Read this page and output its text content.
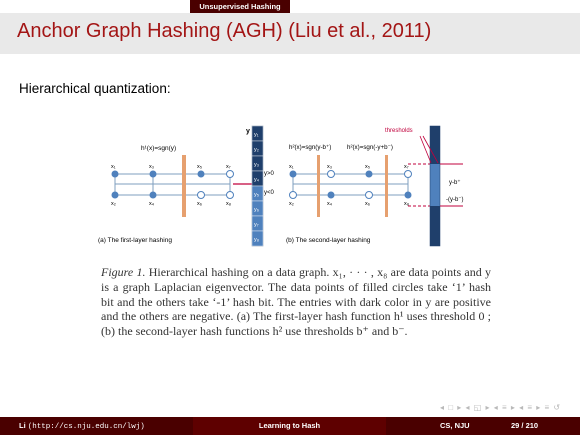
Unsupervised Hashing
Anchor Graph Hashing (AGH) (Liu et al., 2011)
Hierarchical quantization:
x₁	x₃	x₅	x₇
x₂	x₄	x₆	x₈
h¹(x)=sgn(y)
y
y>0
y<0
(a) The first-layer hashing
y₁
y₂
y₃
y₄
y₅
y₆
y₇
y₈
x₁	x₃	x₅	x₇
x₂	x₄	x₆	x₈
h²(x)=sgn(y-b⁺)	h²(x)=sgn(-y+b⁻)
thresholds
(b) The second-layer hashing
y-b⁺
-(y-b⁻)
Figure 1. Hierarchical hashing on a data graph. x₁, · · · , x₈ are data points and y is a graph Laplacian eigenvector. The data points of filled circles take ‘1’ hash bit and the others take ‘-1’ hash bit. The entries with dark color in y are positive and the others are negative. (a) The first-layer hash function h¹ uses threshold 0 ; (b) the second-layer hash functions h² use thresholds b⁺ and b⁻.
◂ □ ▸ ◂ ◱ ▸ ◂ ≡ ▸ ◂ ≡ ▸ ≡ ↺
Li (http://cs.nju.edu.cn/lwj)	Learning to Hash	CS, NJU	29 / 210
